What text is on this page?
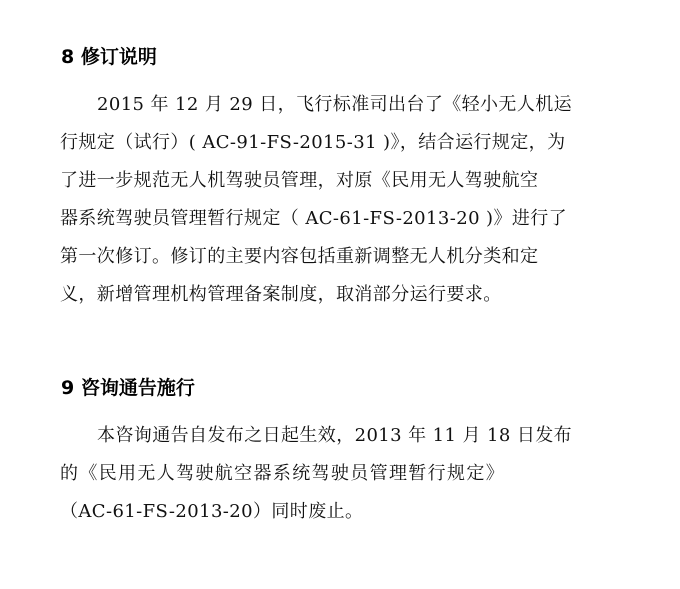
8 修订说明
2015 年 12 月 29 日，飞行标准司出台了《轻小无人机运
行规定（试行）( AC-91-FS-2015-31 )》，结合运行规定，为
了进一步规范无人机驾驶员管理，对原《民用无人驾驶航空
器系统驾驶员管理暂行规定（ AC-61-FS-2013-20 )》进行了
第一次修订。修订的主要内容包括重新调整无人机分类和定
义，新增管理机构管理备案制度，取消部分运行要求。
9 咨询通告施行
本咨询通告自发布之日起生效，2013 年 11 月 18 日发布
的《民用无人驾驶航空器系统驾驶员管理暂行规定》
（AC-61-FS-2013-20）同时废止。
